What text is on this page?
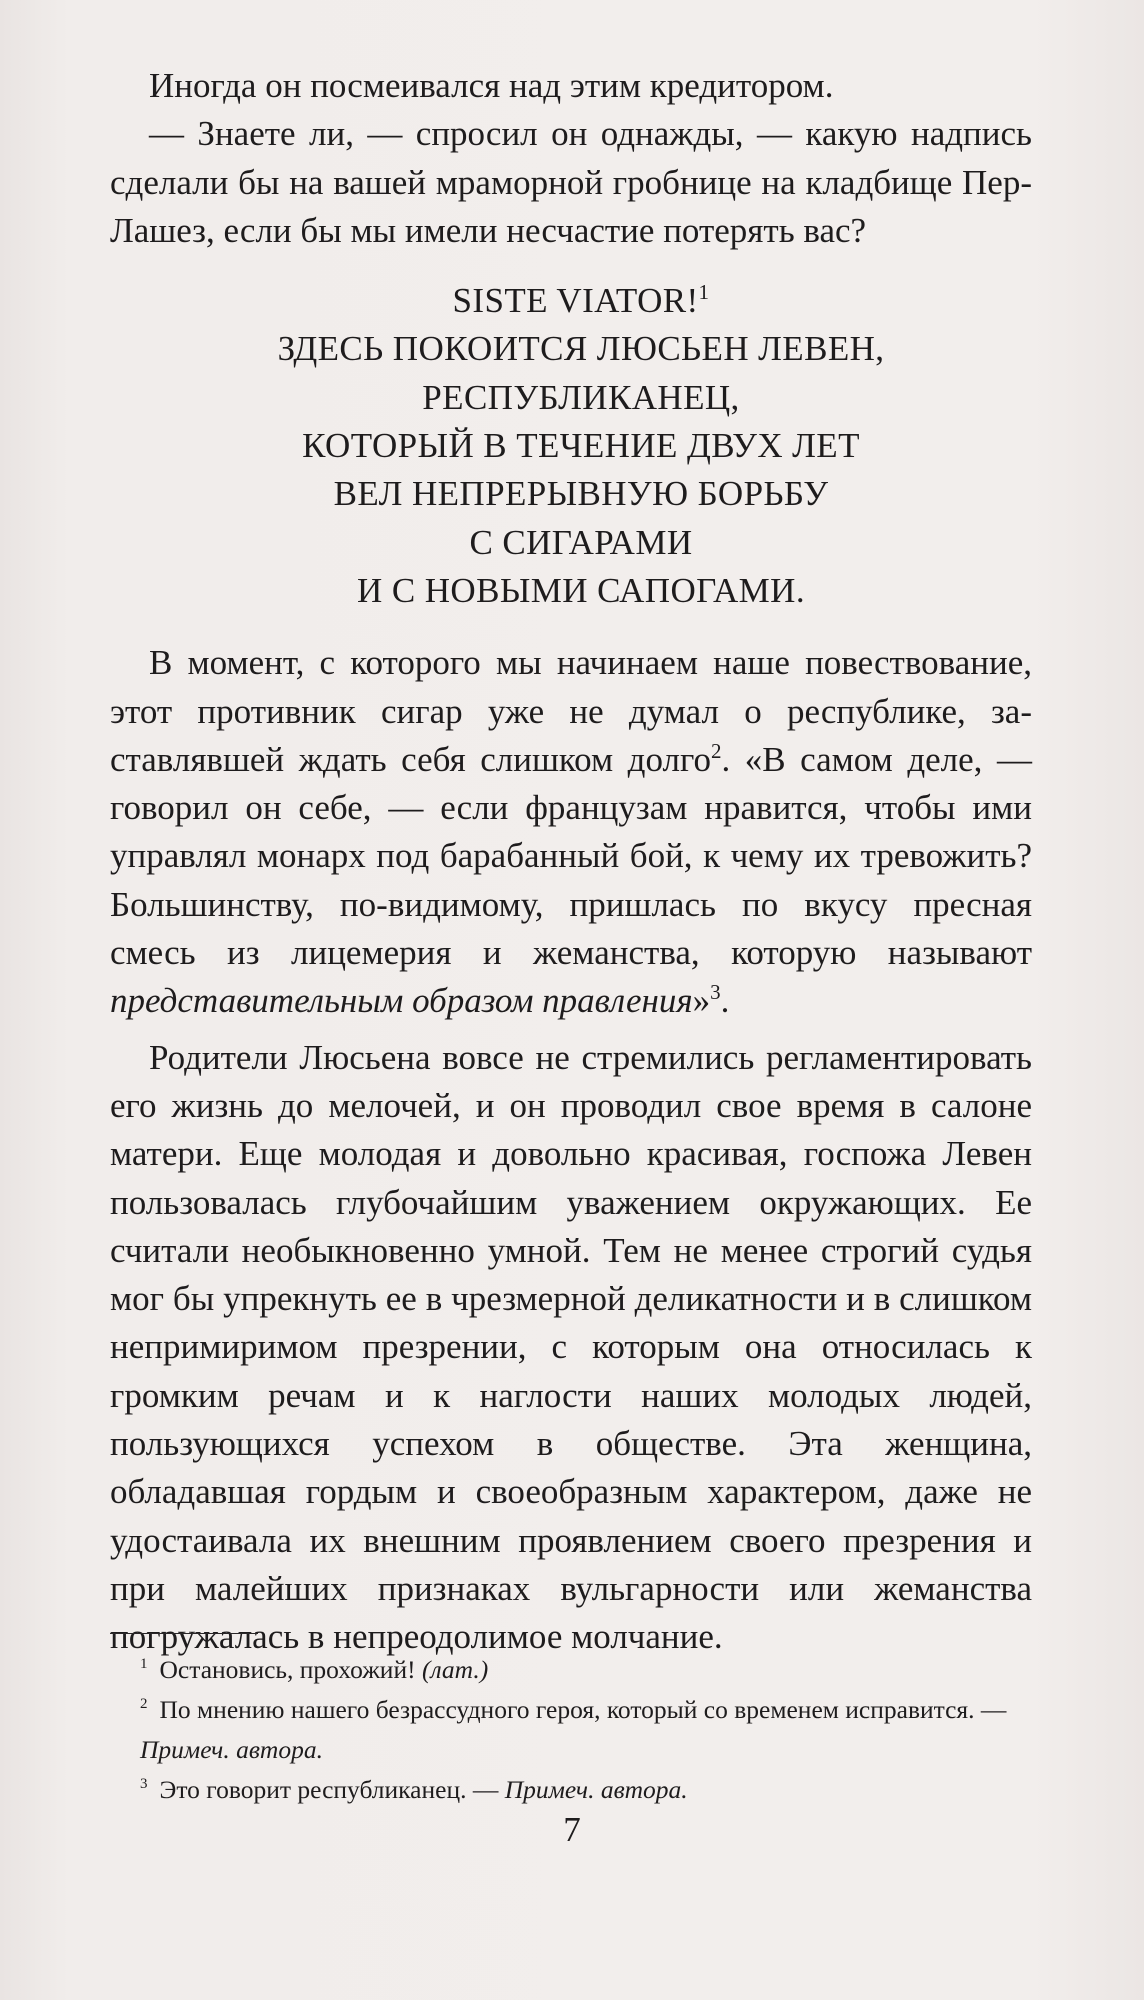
Иногда он посмеивался над этим кредитором.

— Знаете ли, — спросил он однажды, — какую надпись сделали бы на вашей мраморной гробнице на кладбище Пер-Лашез, если бы мы имели несчастие потерять вас?

SISTE VIATOR!$^1$
ЗДЕСЬ ПОКОИТСЯ ЛЮСЬЕН ЛЕВЕН,
РЕСПУБЛИКАНЕЦ,
КОТОРЫЙ В ТЕЧЕНИЕ ДВУХ ЛЕТ
ВЕЛ НЕПРЕРЫВНУЮ БОРЬБУ
С СИГАРАМИ
И С НОВЫМИ САПОГАМИ.

В момент, с которого мы начинаем наше повествование, этот противник сигар уже не думал о республике, заставлявшей ждать себя слишком долго$^2$. «В самом деле, — говорил он себе, — если французам нравится, чтобы ими управлял монарх под барабанный бой, к чему их тревожить? Большинству, по-видимому, пришлась по вкусу пресная смесь из лицемерия и жеманства, которую называют представительным образом правления»$^3$.

Родители Люсьена вовсе не стремились регламентировать его жизнь до мелочей, и он проводил свое время в салоне матери. Еще молодая и довольно красивая, госпожа Левен пользовалась глубочайшим уважением окружающих. Ее считали необыкновенно умной. Тем не менее строгий судья мог бы упрекнуть ее в чрезмерной деликатности и в слишком непримиримом презрении, с которым она относилась к громким речам и к наглости наших молодых людей, пользующихся успехом в обществе. Эта женщина, обладавшая гордым и своеобразным характером, даже не удостаивала их внешним проявлением своего презрения и при малейших признаках вульгарности или жеманства погружалась в непреодолимое молчание.

$^1$ Остановись, прохожий! (лат.)

$^2$ По мнению нашего безрассудного героя, который со временем исправится. — Примеч. автора.

$^3$ Это говорит республиканец. — Примеч. автора.

7
